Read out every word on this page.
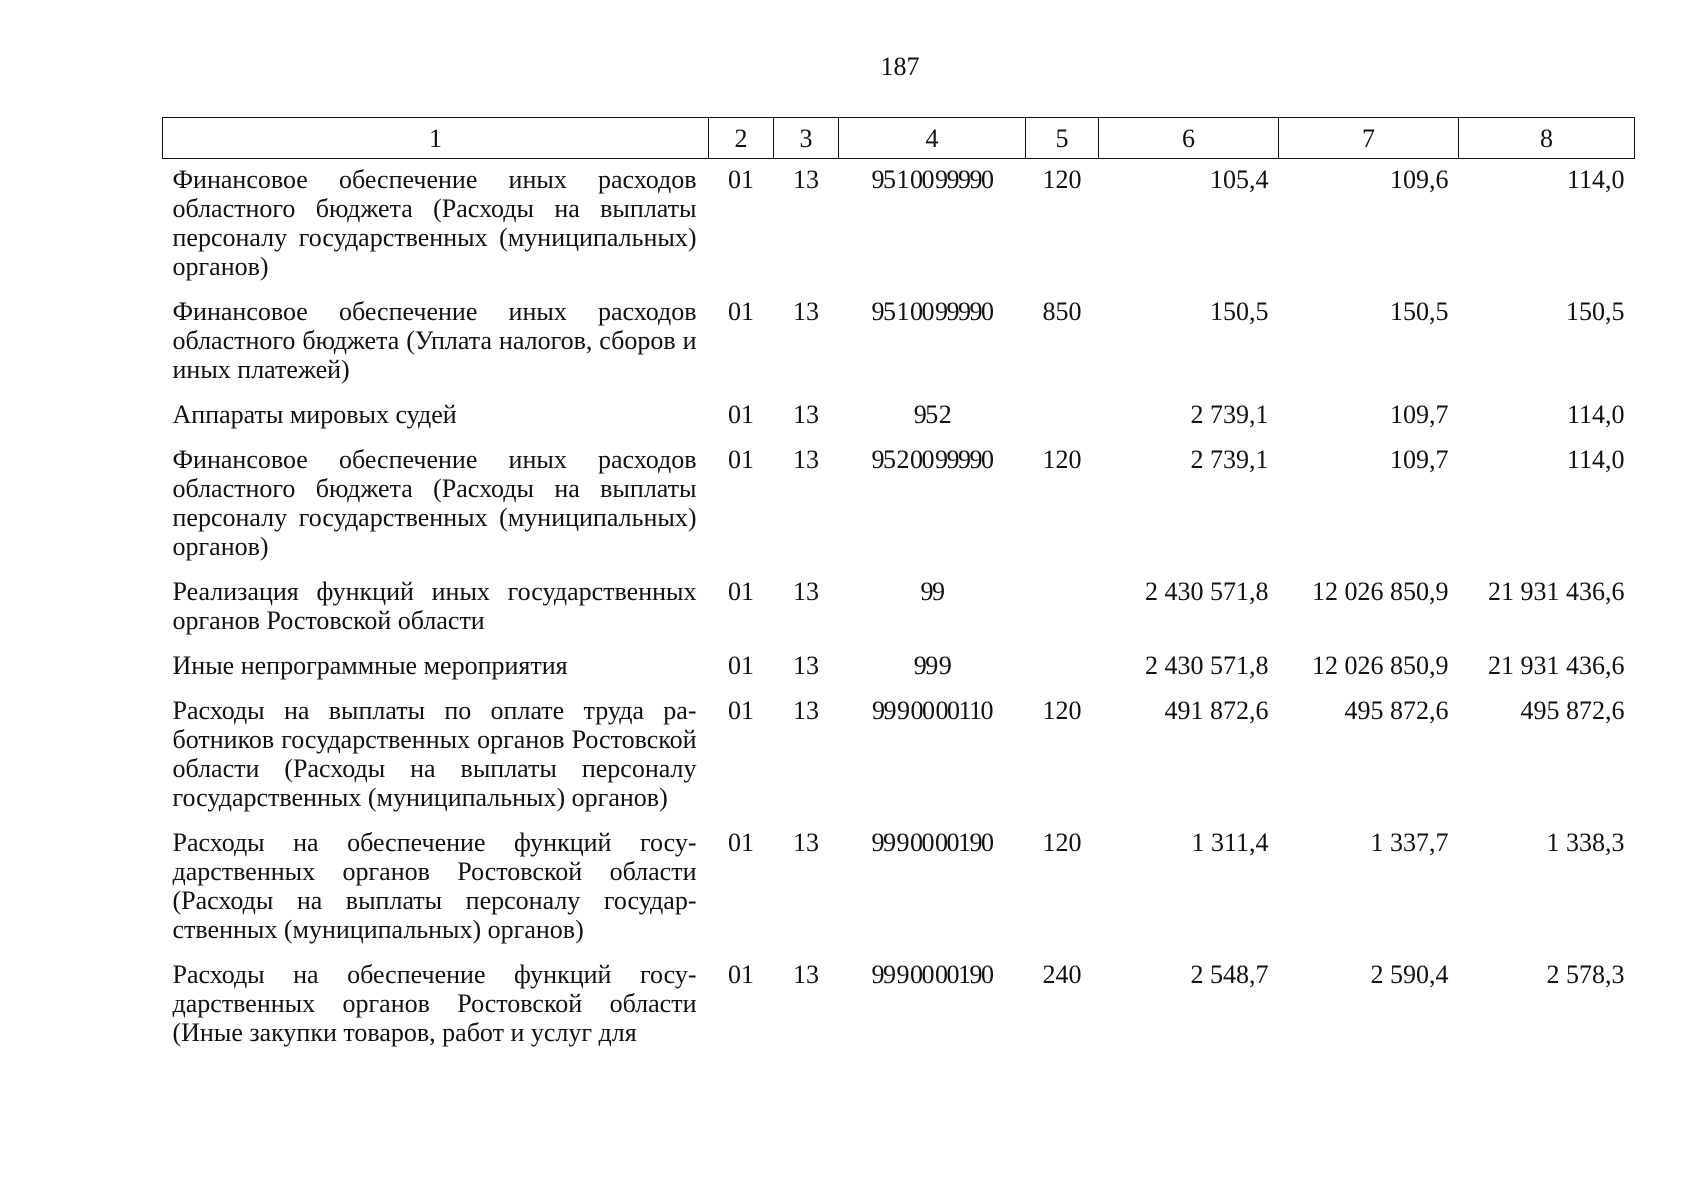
187
1	2	3	4	5	6	7	8
Финансовое обеспечение иных расходов областного бюджета (Расходы на выплаты персоналу государственных (муниципальных) органов)	01	13	95 1 00 99990	120	105,4	109,6	114,0
Финансовое обеспечение иных расходов областного бюджета (Уплата налогов, сборов и иных платежей)	01	13	95 1 00 99990	850	150,5	150,5	150,5
Аппараты мировых судей	01	13	95 2		2 739,1	109,7	114,0
Финансовое обеспечение иных расходов областного бюджета (Расходы на выплаты персоналу государственных (муниципальных) органов)	01	13	95 2 00 99990	120	2 739,1	109,7	114,0
Реализация функций иных государственных органов Ростовской области	01	13	99		2 430 571,8	12 026 850,9	21 931 436,6
Иные непрограммные мероприятия	01	13	99 9		2 430 571,8	12 026 850,9	21 931 436,6
Расходы на выплаты по оплате труда работников государственных органов Ростовской области (Расходы на выплаты персоналу государственных (муниципальных) органов)	01	13	99 9 00 00110	120	491 872,6	495 872,6	495 872,6
Расходы на обеспечение функций государственных органов Ростовской области (Расходы на выплаты персоналу государственных (муниципальных) органов)	01	13	99 9 00 00190	120	1 311,4	1 337,7	1 338,3
Расходы на обеспечение функций государственных органов Ростовской области (Иные закупки товаров, работ и услуг для	01	13	99 9 00 00190	240	2 548,7	2 590,4	2 578,3
